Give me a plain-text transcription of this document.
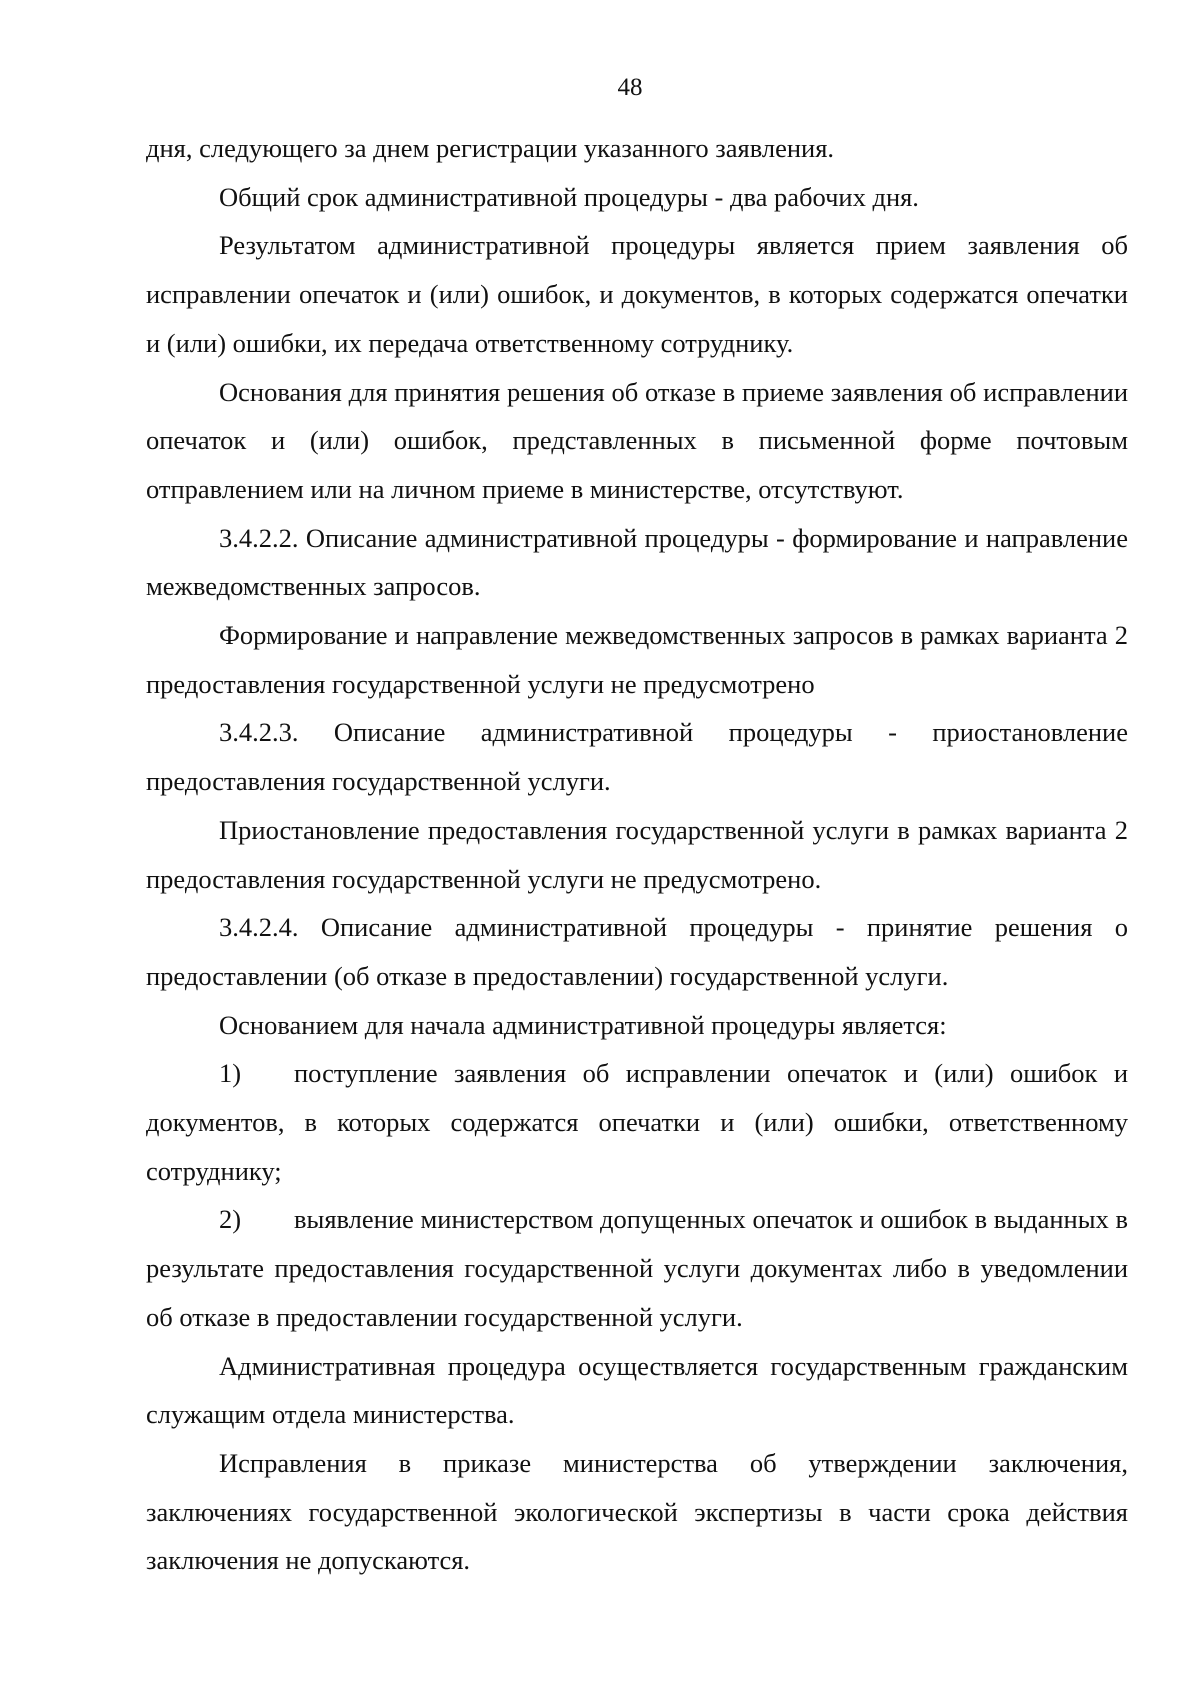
48

дня, следующего за днем регистрации указанного заявления.

Общий срок административной процедуры - два рабочих дня.

Результатом административной процедуры является прием заявления об исправлении опечаток и (или) ошибок, и документов, в которых содержатся опечатки и (или) ошибки, их передача ответственному сотруднику.

Основания для принятия решения об отказе в приеме заявления об исправлении опечаток и (или) ошибок, представленных в письменной форме почтовым отправлением или на личном приеме в министерстве, отсутствуют.

3.4.2.2. Описание административной процедуры - формирование и направление межведомственных запросов.

Формирование и направление межведомственных запросов в рамках варианта 2 предоставления государственной услуги не предусмотрено

3.4.2.3. Описание административной процедуры - приостановление предоставления государственной услуги.

Приостановление предоставления государственной услуги в рамках варианта 2 предоставления государственной услуги не предусмотрено.

3.4.2.4. Описание административной процедуры - принятие решения о предоставлении (об отказе в предоставлении) государственной услуги.

Основанием для начала административной процедуры является:

1) поступление заявления об исправлении опечаток и (или) ошибок и документов, в которых содержатся опечатки и (или) ошибки, ответственному сотруднику;

2) выявление министерством допущенных опечаток и ошибок в выданных в результате предоставления государственной услуги документах либо в уведомлении об отказе в предоставлении государственной услуги.

Административная процедура осуществляется государственным гражданским служащим отдела министерства.

Исправления в приказе министерства об утверждении заключения, заключениях государственной экологической экспертизы в части срока действия заключения не допускаются.
